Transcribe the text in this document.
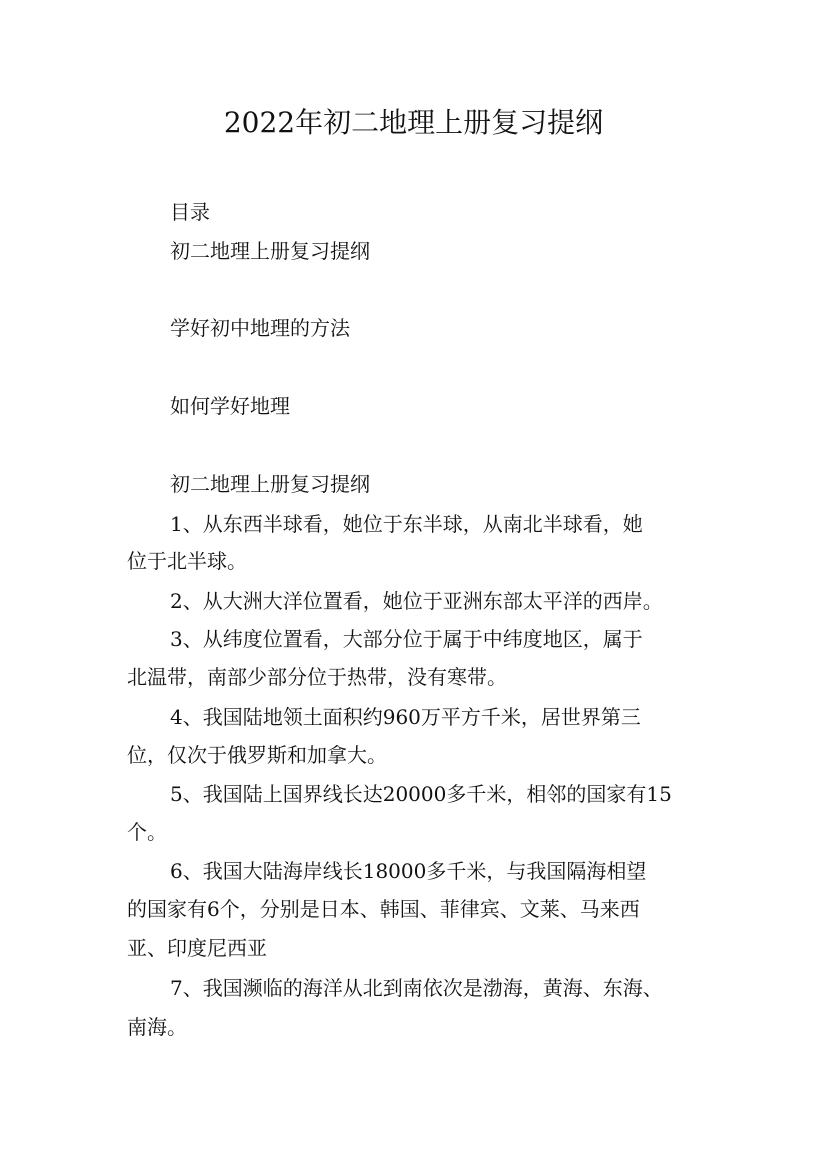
2022年初二地理上册复习提纲
目录
初二地理上册复习提纲
学好初中地理的方法
如何学好地理
初二地理上册复习提纲
1、从东西半球看，她位于东半球，从南北半球看，她
位于北半球。
2、从大洲大洋位置看，她位于亚洲东部太平洋的西岸。
3、从纬度位置看，大部分位于属于中纬度地区，属于
北温带，南部少部分位于热带，没有寒带。
4、我国陆地领土面积约960万平方千米，居世界第三
位，仅次于俄罗斯和加拿大。
5、我国陆上国界线长达20000多千米，相邻的国家有15
个。
6、我国大陆海岸线长18000多千米，与我国隔海相望
的国家有6个，分别是日本、韩国、菲律宾、文莱、马来西
亚、印度尼西亚
7、我国濒临的海洋从北到南依次是渤海，黄海、东海、
南海。
